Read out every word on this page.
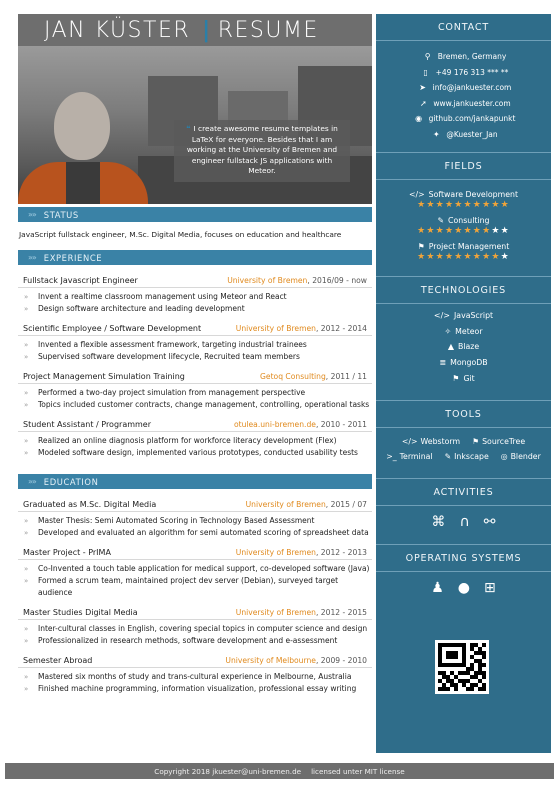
JAN KÜSTER | RESUME
❝ I create awesome resume templates in LaTeX for everyone. Besides that I am working at the University of Bremen and engineer fullstack JS applications with Meteor.
»» STATUS
JavaScript fullstack engineer, M.Sc. Digital Media, focuses on education and healthcare
»» EXPERIENCE
Fullstack Javascript Engineer	University of Bremen, 2016/09 - now
»	Invent a realtime classroom management using Meteor and React
»	Design software architecture and leading development
Scientific Employee / Software Development	University of Bremen, 2012 - 2014
»	Invented a flexible assessment framework, targeting industrial trainees
»	Supervised software development lifecycle, Recruited team members
Project Management Simulation Training	Getoq Consulting, 2011 / 11
»	Performed a two-day project simulation from management perspective
»	Topics included customer contracts, change management, controlling, operational tasks
Student Assistant / Programmer	otulea.uni-bremen.de, 2010 - 2011
»	Realized an online diagnosis platform for workforce literacy development (Flex)
»	Modeled software design, implemented various prototypes, conducted usability tests
»» EDUCATION
Graduated as M.Sc. Digital Media	University of Bremen, 2015 / 07
»	Master Thesis: Semi Automated Scoring in Technology Based Assessment
»	Developed and evaluated an algorithm for semi automated scoring of spreadsheet data
Master Project - PrIMA	University of Bremen, 2012 - 2013
»	Co-Invented a touch table application for medical support, co-developed software (Java)
»	Formed a scrum team, maintained project dev server (Debian), surveyed target audience
Master Studies Digital Media	University of Bremen, 2012 - 2015
»	Inter-cultural classes in English, covering special topics in computer science and design
»	Professionalized in research methods, software development and e-assessment
Semester Abroad	University of Melbourne, 2009 - 2010
»	Mastered six months of study and trans-cultural experience in Melbourne, Australia
»	Finished machine programming, information visualization, professional essay writing
CONTACT
⚲ Bremen, Germany
▯	+49 176 313 *** **
➤ info@jankuester.com
➚ www.jankuester.com
◉ github.com/jankapunkt
✦ @Kuester_Jan
FIELDS
</> Software Development
★★★★★★★★★★
✎ Consulting
★★★★★★★★★★
⚑ Project Management
★★★★★★★★★★
TECHNOLOGIES
</> JavaScript
✧ Meteor
▲ Blaze
≣ MongoDB
⚑ Git
TOOLS
</> Webstorm ⚑ SourceTree
>_ Terminal ✎ Inkscape ◎ Blender
ACTIVITIES
⌘ ∩ ⚯
OPERATING SYSTEMS
♟ ● ⊞
Copyright 2018 jkuester@uni-bremen.de licensed unter MIT license
